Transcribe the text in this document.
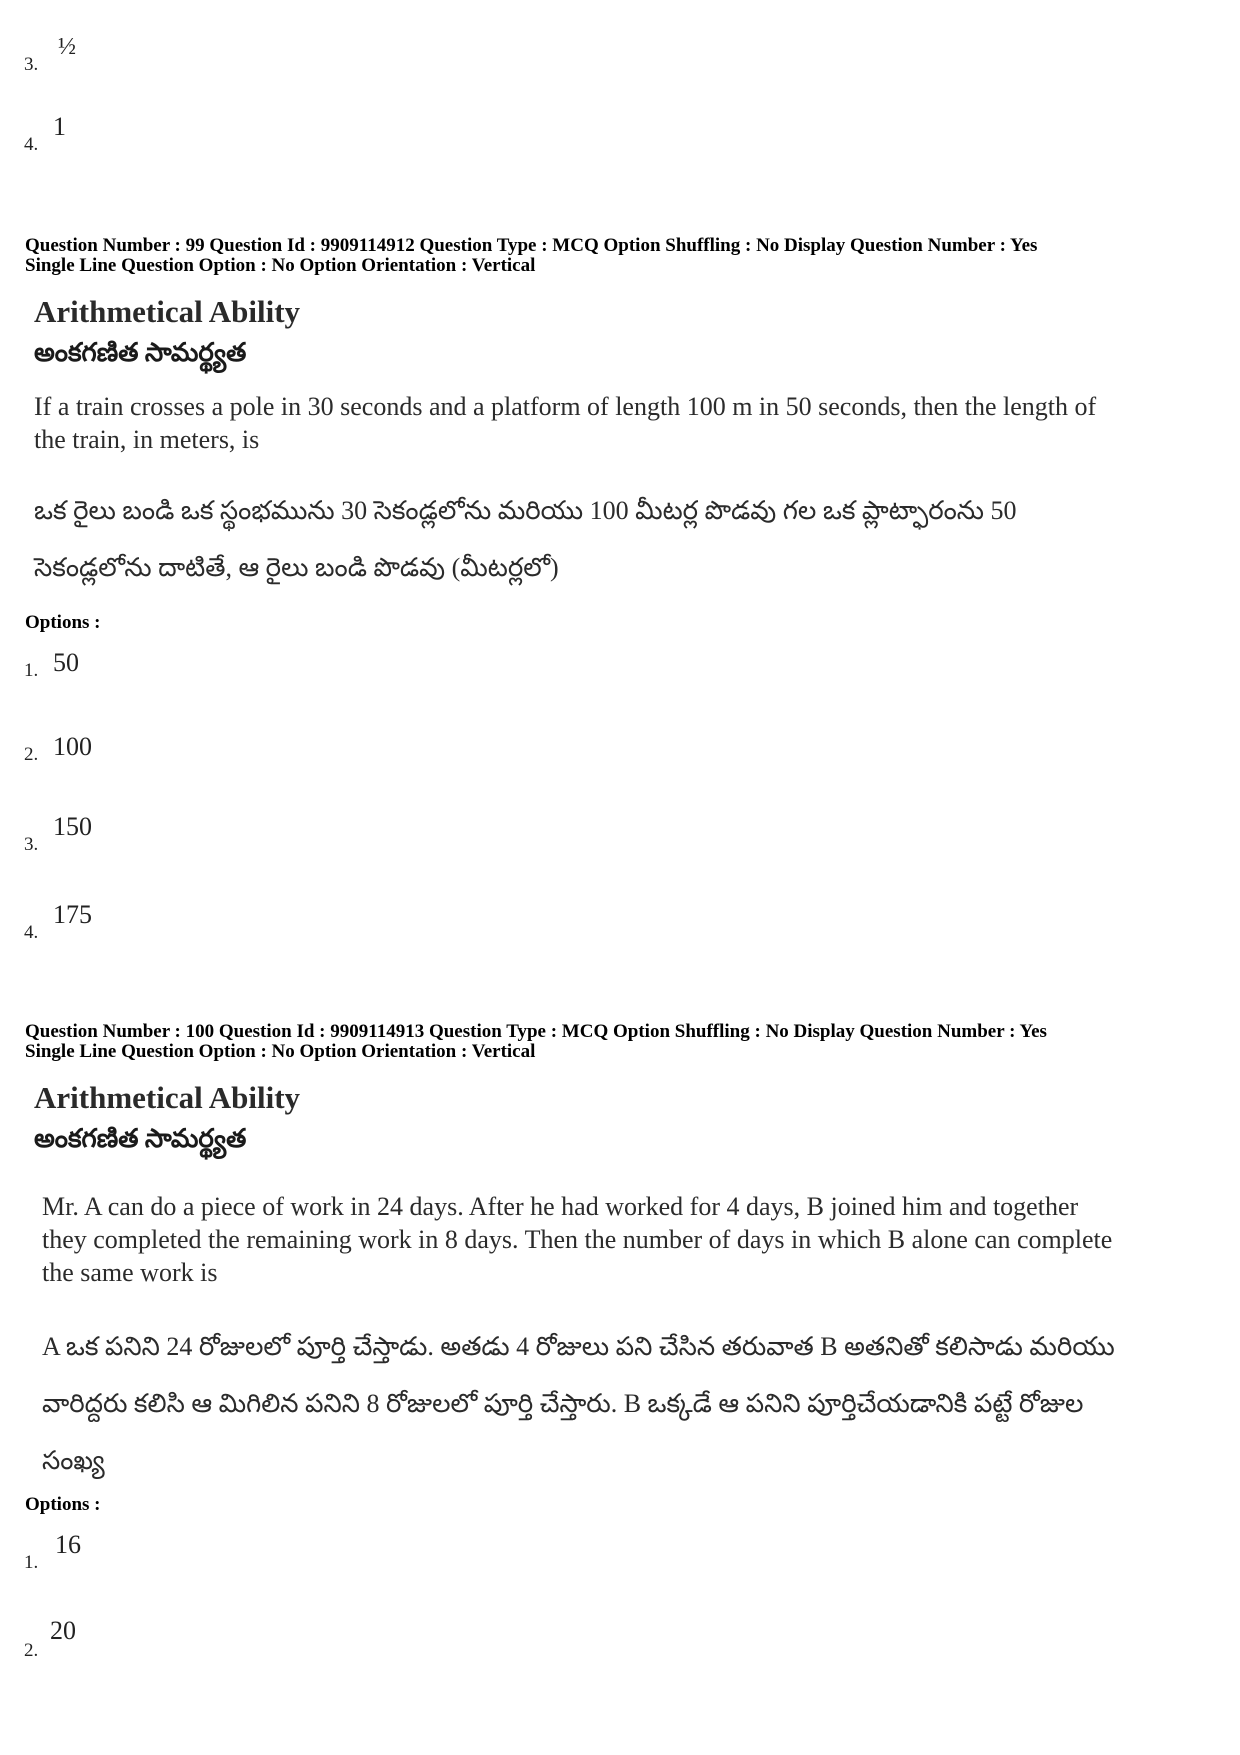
3.
½
4.
1
Question Number : 99 Question Id : 9909114912 Question Type : MCQ Option Shuffling : No Display Question Number : Yes
Single Line Question Option : No Option Orientation : Vertical
Arithmetical Ability
అంకగణిత సామర్థ్యత
If a train crosses a pole in 30 seconds and a platform of length 100 m in 50 seconds, then the length of the train, in meters, is
ఒక రైలు బండి ఒక స్థంభమును 30 సెకండ్లలోను మరియు 100 మీటర్ల పొడవు గల ఒక ప్లాట్ఫారంను 50 సెకండ్లలోను దాటితే, ఆ రైలు బండి పొడవు (మీటర్లలో)
Options :
1. 50
2. 100
3.
150
4.
175
Question Number : 100 Question Id : 9909114913 Question Type : MCQ Option Shuffling : No Display Question Number : Yes
Single Line Question Option : No Option Orientation : Vertical
Arithmetical Ability
అంకగణిత సామర్థ్యత
Mr. A can do a piece of work in 24 days. After he had worked for 4 days, B joined him and together they completed the remaining work in 8 days. Then the number of days in which B alone can complete the same work is
A ఒక పనిని 24 రోజులలో పూర్తి చేస్తాడు. అతడు 4 రోజులు పని చేసిన తరువాత B అతనితో కలిసాడు మరియు వారిద్దరు కలిసి ఆ మిగిలిన పనిని 8 రోజులలో పూర్తి చేస్తారు. B ఒక్కడే ఆ పనిని పూర్తిచేయడానికి పట్టే రోజుల సంఖ్య
Options :
1.
16
2.
20
